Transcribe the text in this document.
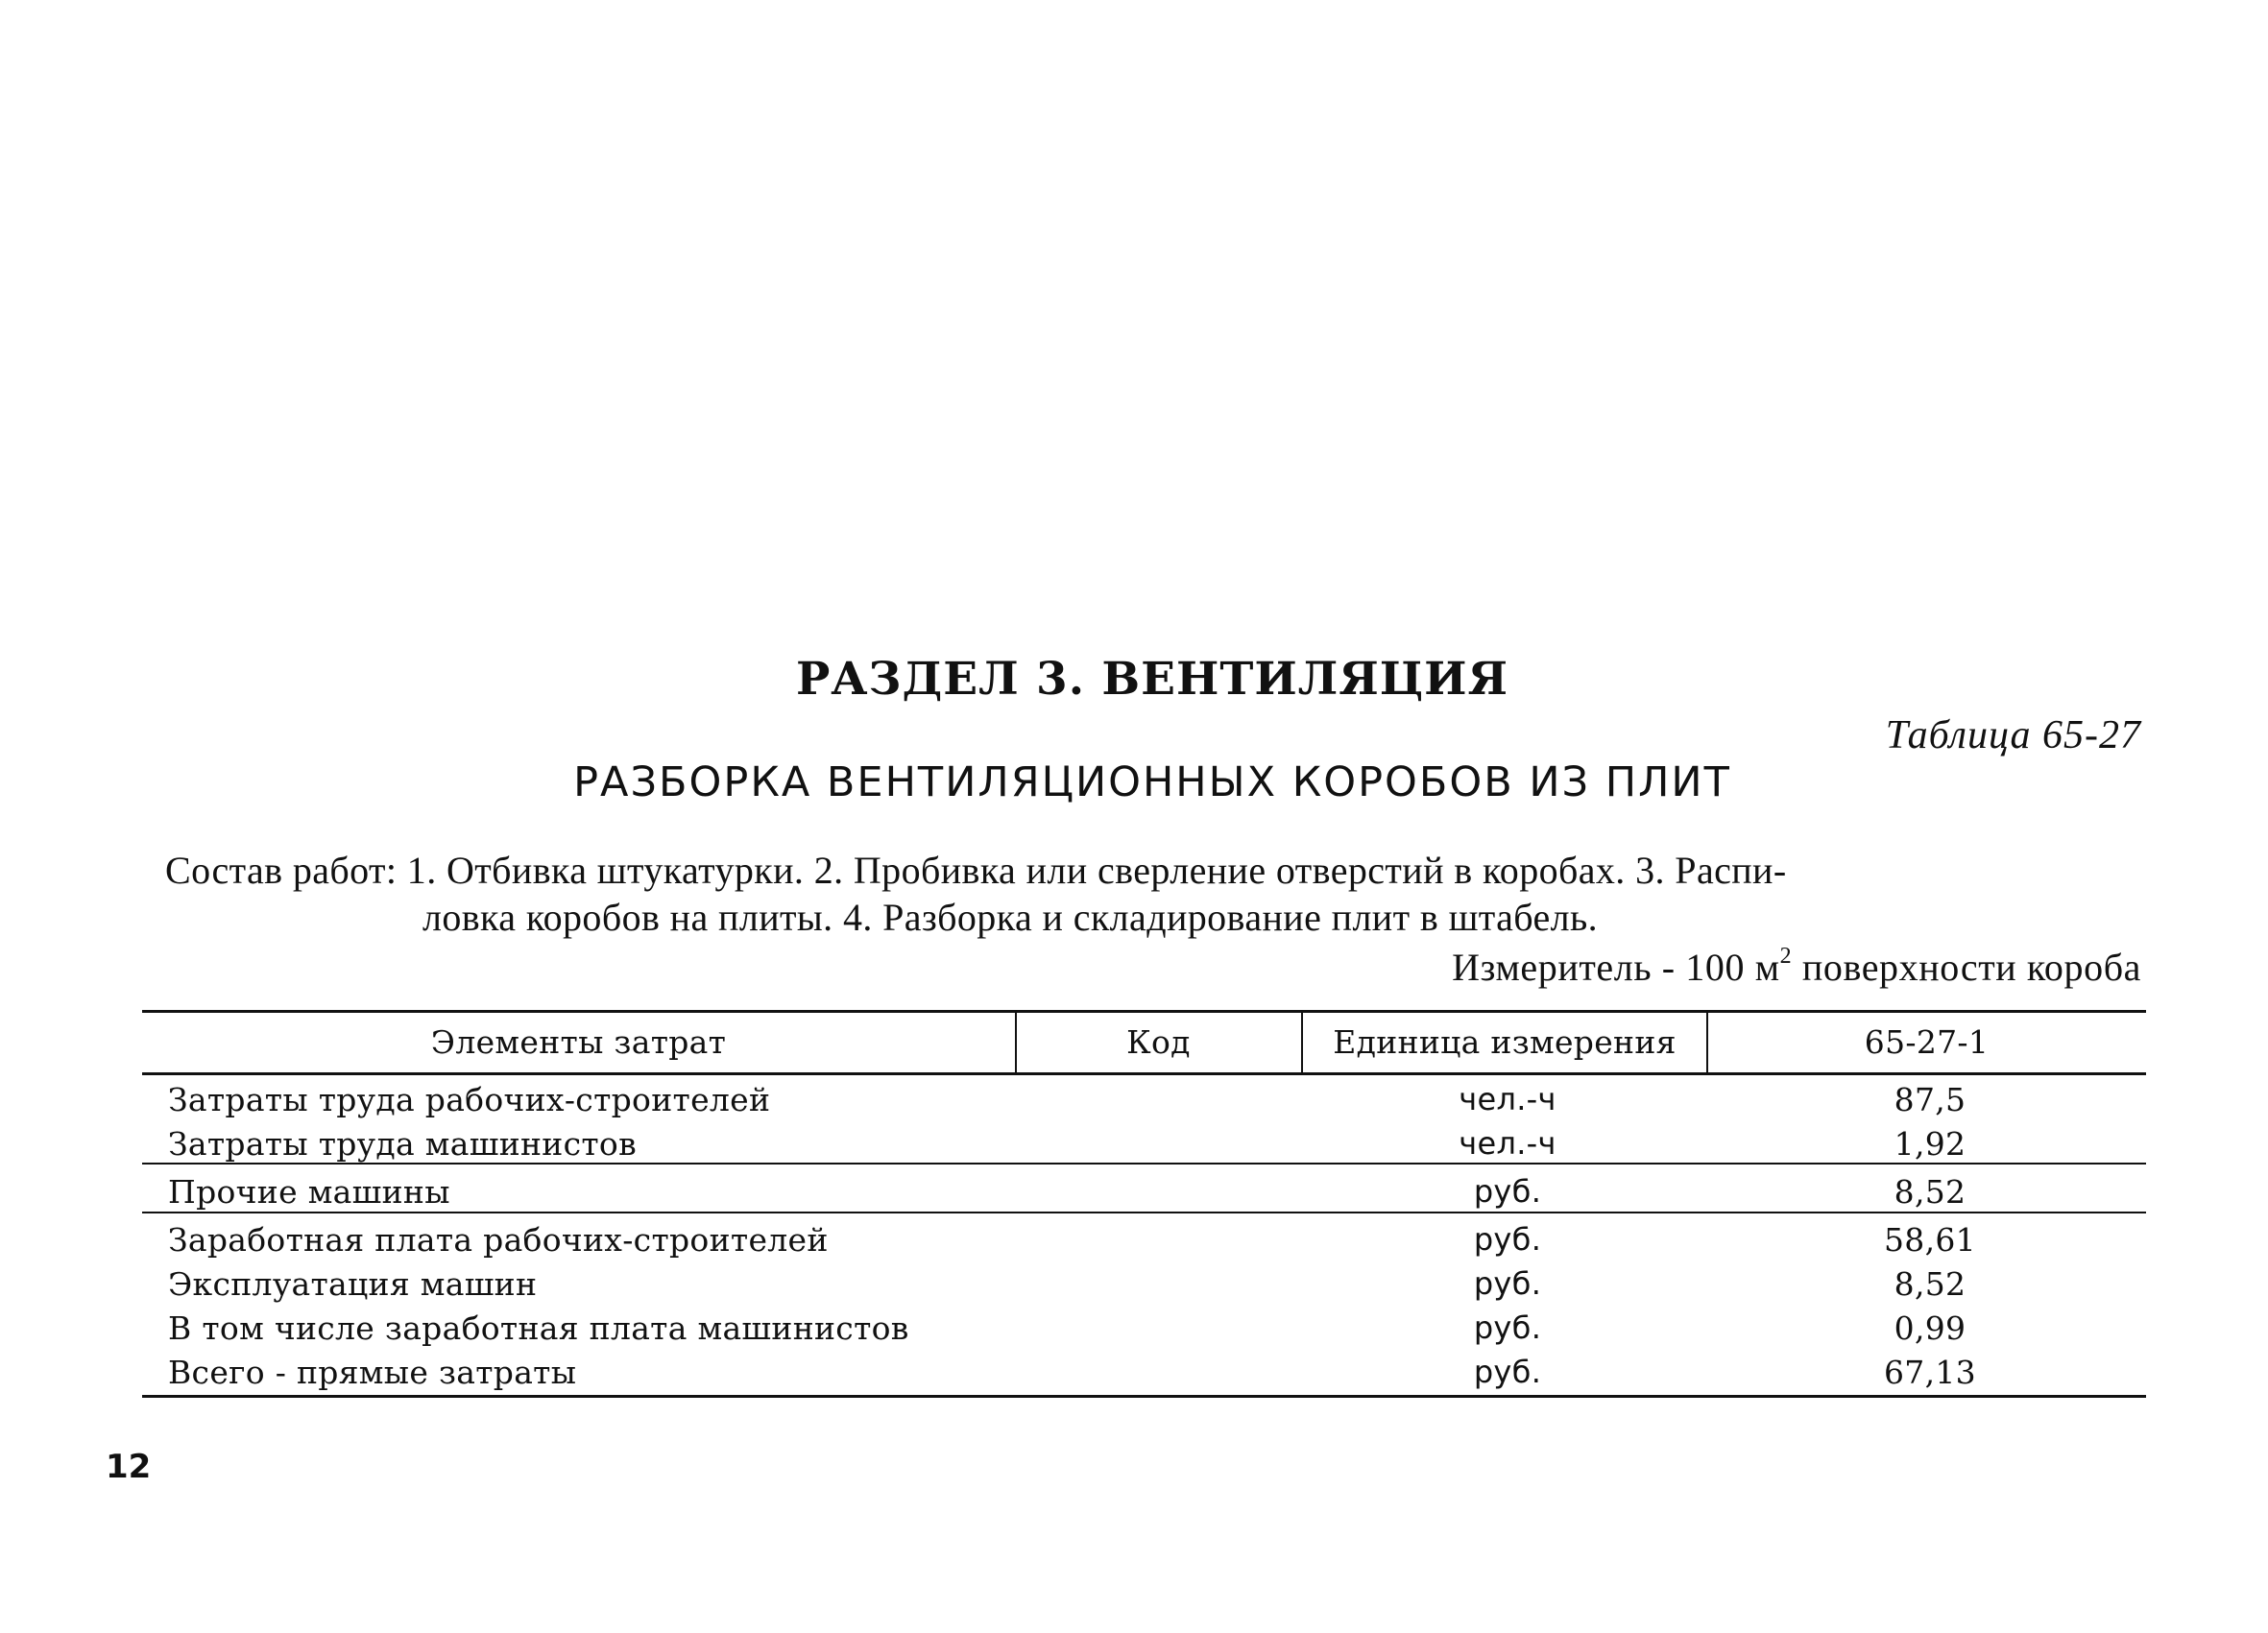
РАЗДЕЛ 3. ВЕНТИЛЯЦИЯ
Таблица 65-27
РАЗБОРКА ВЕНТИЛЯЦИОННЫХ КОРОБОВ ИЗ ПЛИТ
Состав работ: 1. Отбивка штукатурки. 2. Пробивка или сверление отверстий в коробах. 3. Распи-
ловка коробов на плиты. 4. Разборка и складирование плит в штабель.
Измеритель - 100 $м^2$ поверхности короба
Элементы затрат	Код	Единица измерения	65-27-1
Затраты труда рабочих-строителей	чел.-ч	87,5
Затраты труда машинистов	чел.-ч	1,92
Прочие машины	руб.	8,52
Заработная плата рабочих-строителей	руб.	58,61
Эксплуатация машин	руб.	8,52
В том числе заработная плата машинистов	руб.	0,99
Всего - прямые затраты	руб.	67,13
12
